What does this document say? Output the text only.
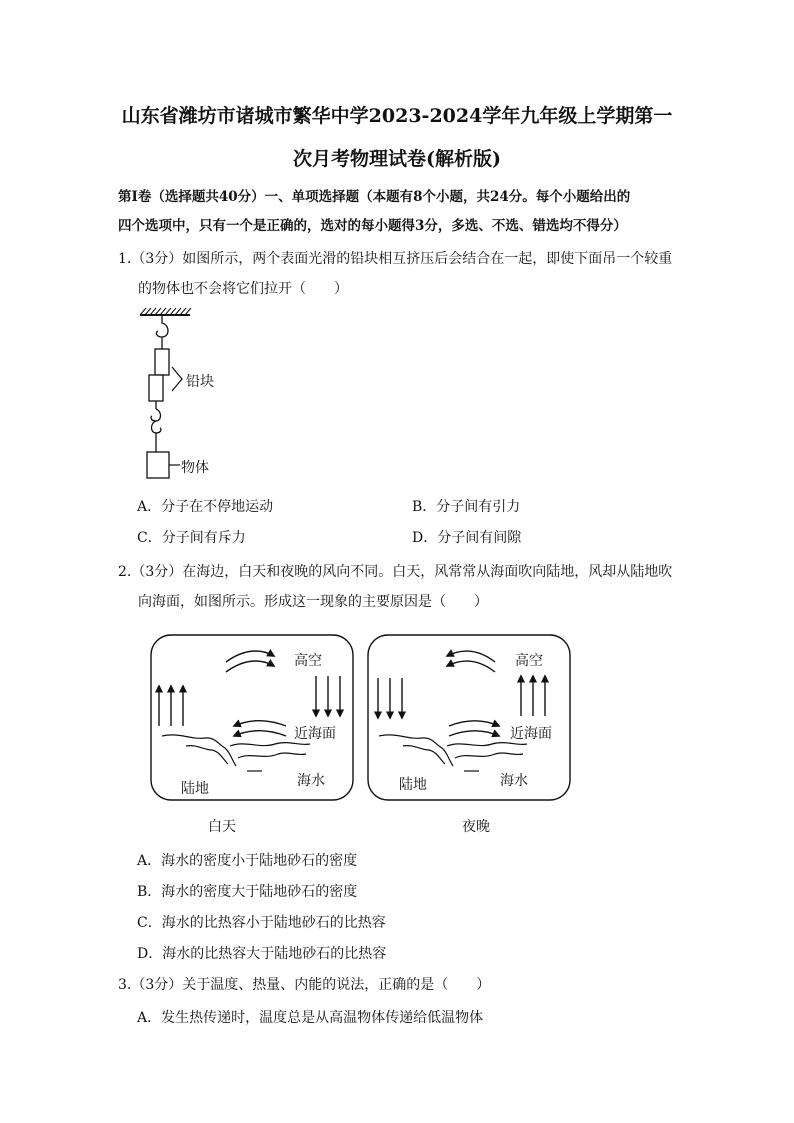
山东省潍坊市诸城市繁华中学2023-2024学年九年级上学期第一
次月考物理试卷(解析版)
第Ⅰ卷（选择题共40分）一、单项选择题（本题有8个小题，共24分。每个小题给出的
四个选项中，只有一个是正确的，选对的每小题得3分，多选、不选、错选均不得分）
1.（3分）如图所示，两个表面光滑的铅块相互挤压后会结合在一起，即使下面吊一个较重
的物体也不会将它们拉开（　　）
铅块
物体
A．分子在不停地运动	B．分子间有引力
C．分子间有斥力	D．分子间有间隙
2.（3分）在海边，白天和夜晚的风向不同。白天，风常常从海面吹向陆地，风却从陆地吹
向海面，如图所示。形成这一现象的主要原因是（　　）
高空
近海面
陆地	海水
白天
高空
近海面
陆地	海水
夜晚
A．海水的密度小于陆地砂石的密度
B．海水的密度大于陆地砂石的密度
C．海水的比热容小于陆地砂石的比热容
D．海水的比热容大于陆地砂石的比热容
3.（3分）关于温度、热量、内能的说法，正确的是（　　）
A．发生热传递时，温度总是从高温物体传递给低温物体
